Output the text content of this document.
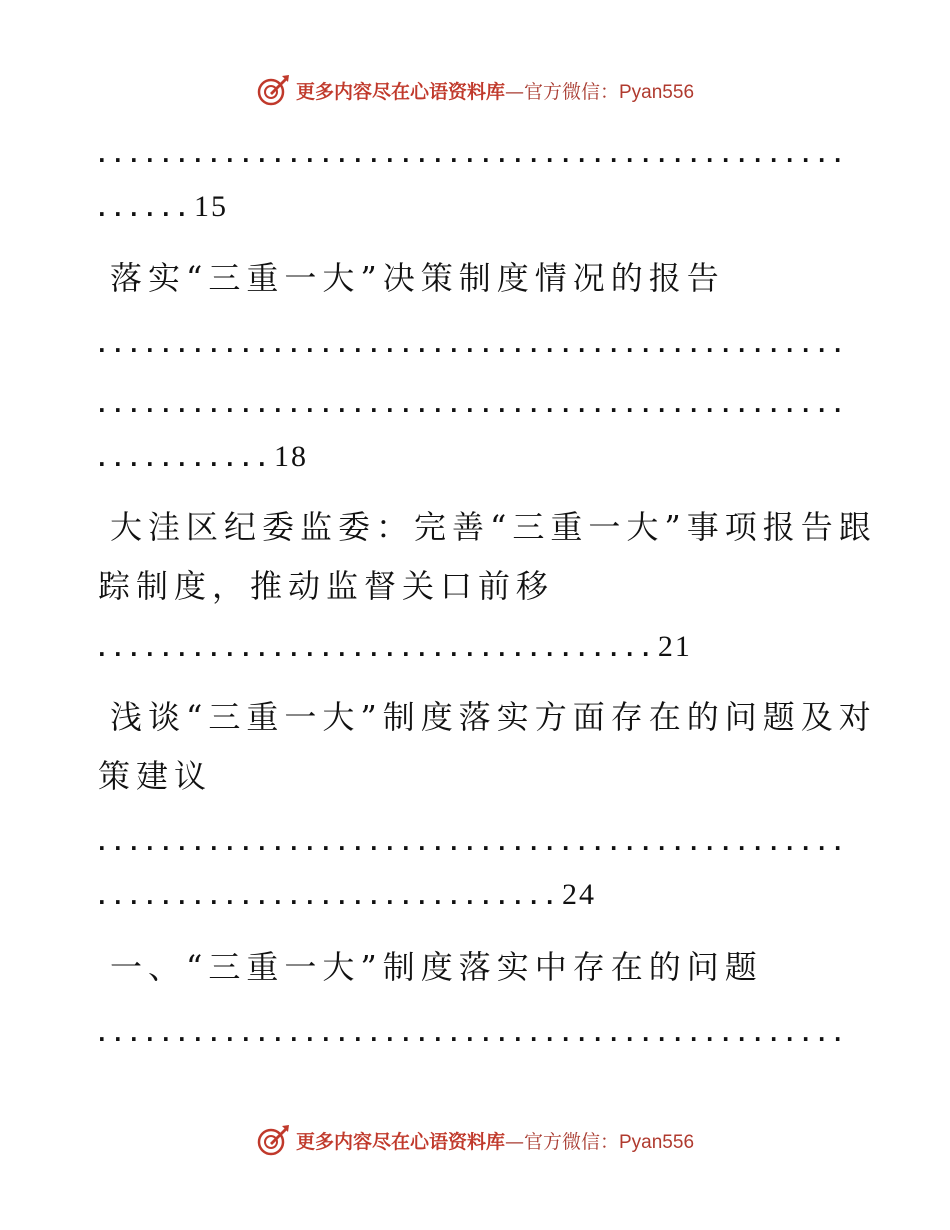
更多内容尽在心语资料库—官方微信：Pyan556
...............................................
......15
落实“三重一大”决策制度情况的报告
...............................................
...............................................
...........18
大洼区纪委监委：完善“三重一大”事项报告跟
踪制度，推动监督关口前移
...................................21
浅谈“三重一大”制度落实方面存在的问题及对
策建议
...............................................
.............................24
一、“三重一大”制度落实中存在的问题
...............................................
更多内容尽在心语资料库—官方微信：Pyan556
